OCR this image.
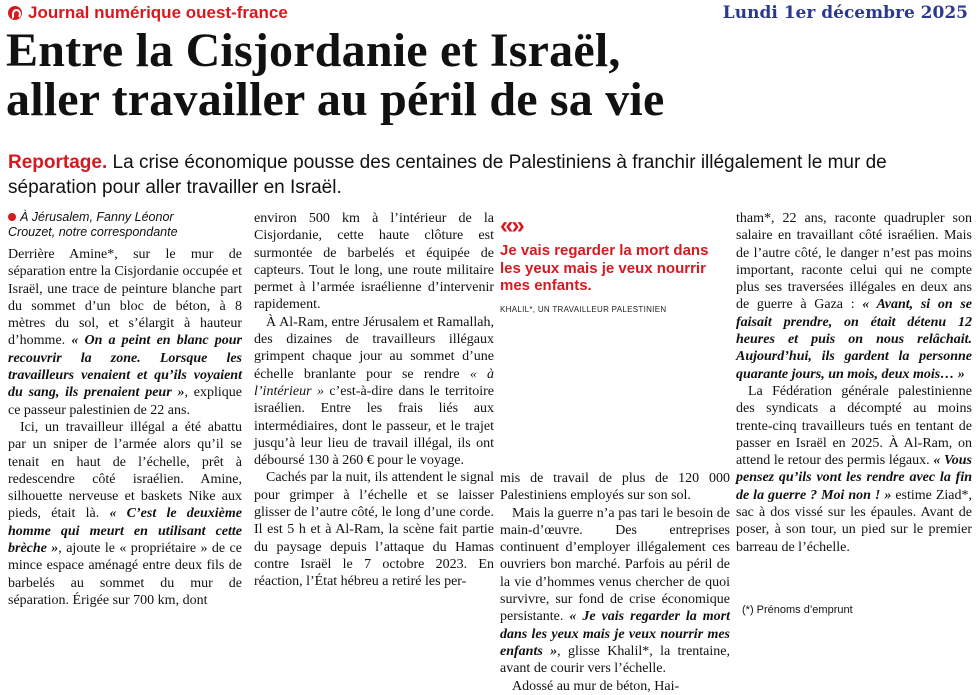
Journal numérique ouest-france	Lundi 1er décembre 2025
Entre la Cisjordanie et Israël,
aller travailler au péril de sa vie
Reportage. La crise économique pousse des centaines de Palestiniens à franchir illégalement le mur de séparation pour aller travailler en Israël.
À Jérusalem, Fanny Léonor
Crouzet, notre correspondante

Derrière Amine*, sur le mur de séparation entre la Cisjordanie occupée et Israël, une trace de peinture blanche part du sommet d’un bloc de béton, à 8 mètres du sol, et s’élargit à hauteur d’homme. « On a peint en blanc pour recouvrir la zone. Lorsque les travailleurs venaient et qu’ils voyaient du sang, ils prenaient peur », explique ce passeur palestinien de 22 ans.

Ici, un travailleur illégal a été abattu par un sniper de l’armée alors qu’il se tenait en haut de l’échelle, prêt à redescendre côté israélien. Amine, silhouette nerveuse et baskets Nike aux pieds, était là. « C’est le deuxième homme qui meurt en utilisant cette brèche », ajoute le « propriétaire » de ce mince espace aménagé entre deux fils de barbelés au sommet du mur de séparation. Érigée sur 700 km, dont

environ 500 km à l’intérieur de la Cisjordanie, cette haute clôture est surmontée de barbelés et équipée de capteurs. Tout le long, une route militaire permet à l’armée israélienne d’intervenir rapidement.

À Al-Ram, entre Jérusalem et Ramallah, des dizaines de travailleurs illégaux grimpent chaque jour au sommet d’une échelle branlante pour se rendre « à l’intérieur » c’est-à-dire dans le territoire israélien. Entre les frais liés aux intermédiaires, dont le passeur, et le trajet jusqu’à leur lieu de travail illégal, ils ont déboursé 130 à 260 € pour le voyage.

Cachés par la nuit, ils attendent le signal pour grimper à l’échelle et se laisser glisser de l’autre côté, le long d’une corde. Il est 5 h et à Al-Ram, la scène fait partie du paysage depuis l’attaque du Hamas contre Israël le 7 octobre 2023. En réaction, l’État hébreu a retiré les per-

«»
Je vais regarder la mort dans les yeux mais je veux nourrir mes enfants.
KHALIL*, UN TRAVAILLEUR PALESTINIEN

mis de travail de plus de 120 000 Palestiniens employés sur son sol.

Mais la guerre n’a pas tari le besoin de main-d’œuvre. Des entreprises continuent d’employer illégalement ces ouvriers bon marché. Parfois au péril de la vie d’hommes venus chercher de quoi survivre, sur fond de crise économique persistante. « Je vais regarder la mort dans les yeux mais je veux nourrir mes enfants », glisse Khalil*, la trentaine, avant de courir vers l’échelle.

Adossé au mur de béton, Hai-

tham*, 22 ans, raconte quadrupler son salaire en travaillant côté israélien. Mais de l’autre côté, le danger n’est pas moins important, raconte celui qui ne compte plus ses traversées illégales en deux ans de guerre à Gaza : « Avant, si on se faisait prendre, on était détenu 12 heures et puis on nous relâchait. Aujourd’hui, ils gardent la personne quarante jours, un mois, deux mois… »

La Fédération générale palestinienne des syndicats a décompté au moins trente-cinq travailleurs tués en tentant de passer en Israël en 2025. À Al-Ram, on attend le retour des permis légaux. « Vous pensez qu’ils vont les rendre avec la fin de la guerre ? Moi non ! » estime Ziad*, sac à dos vissé sur les épaules. Avant de poser, à son tour, un pied sur le premier barreau de l’échelle.

(*) Prénoms d’emprunt
